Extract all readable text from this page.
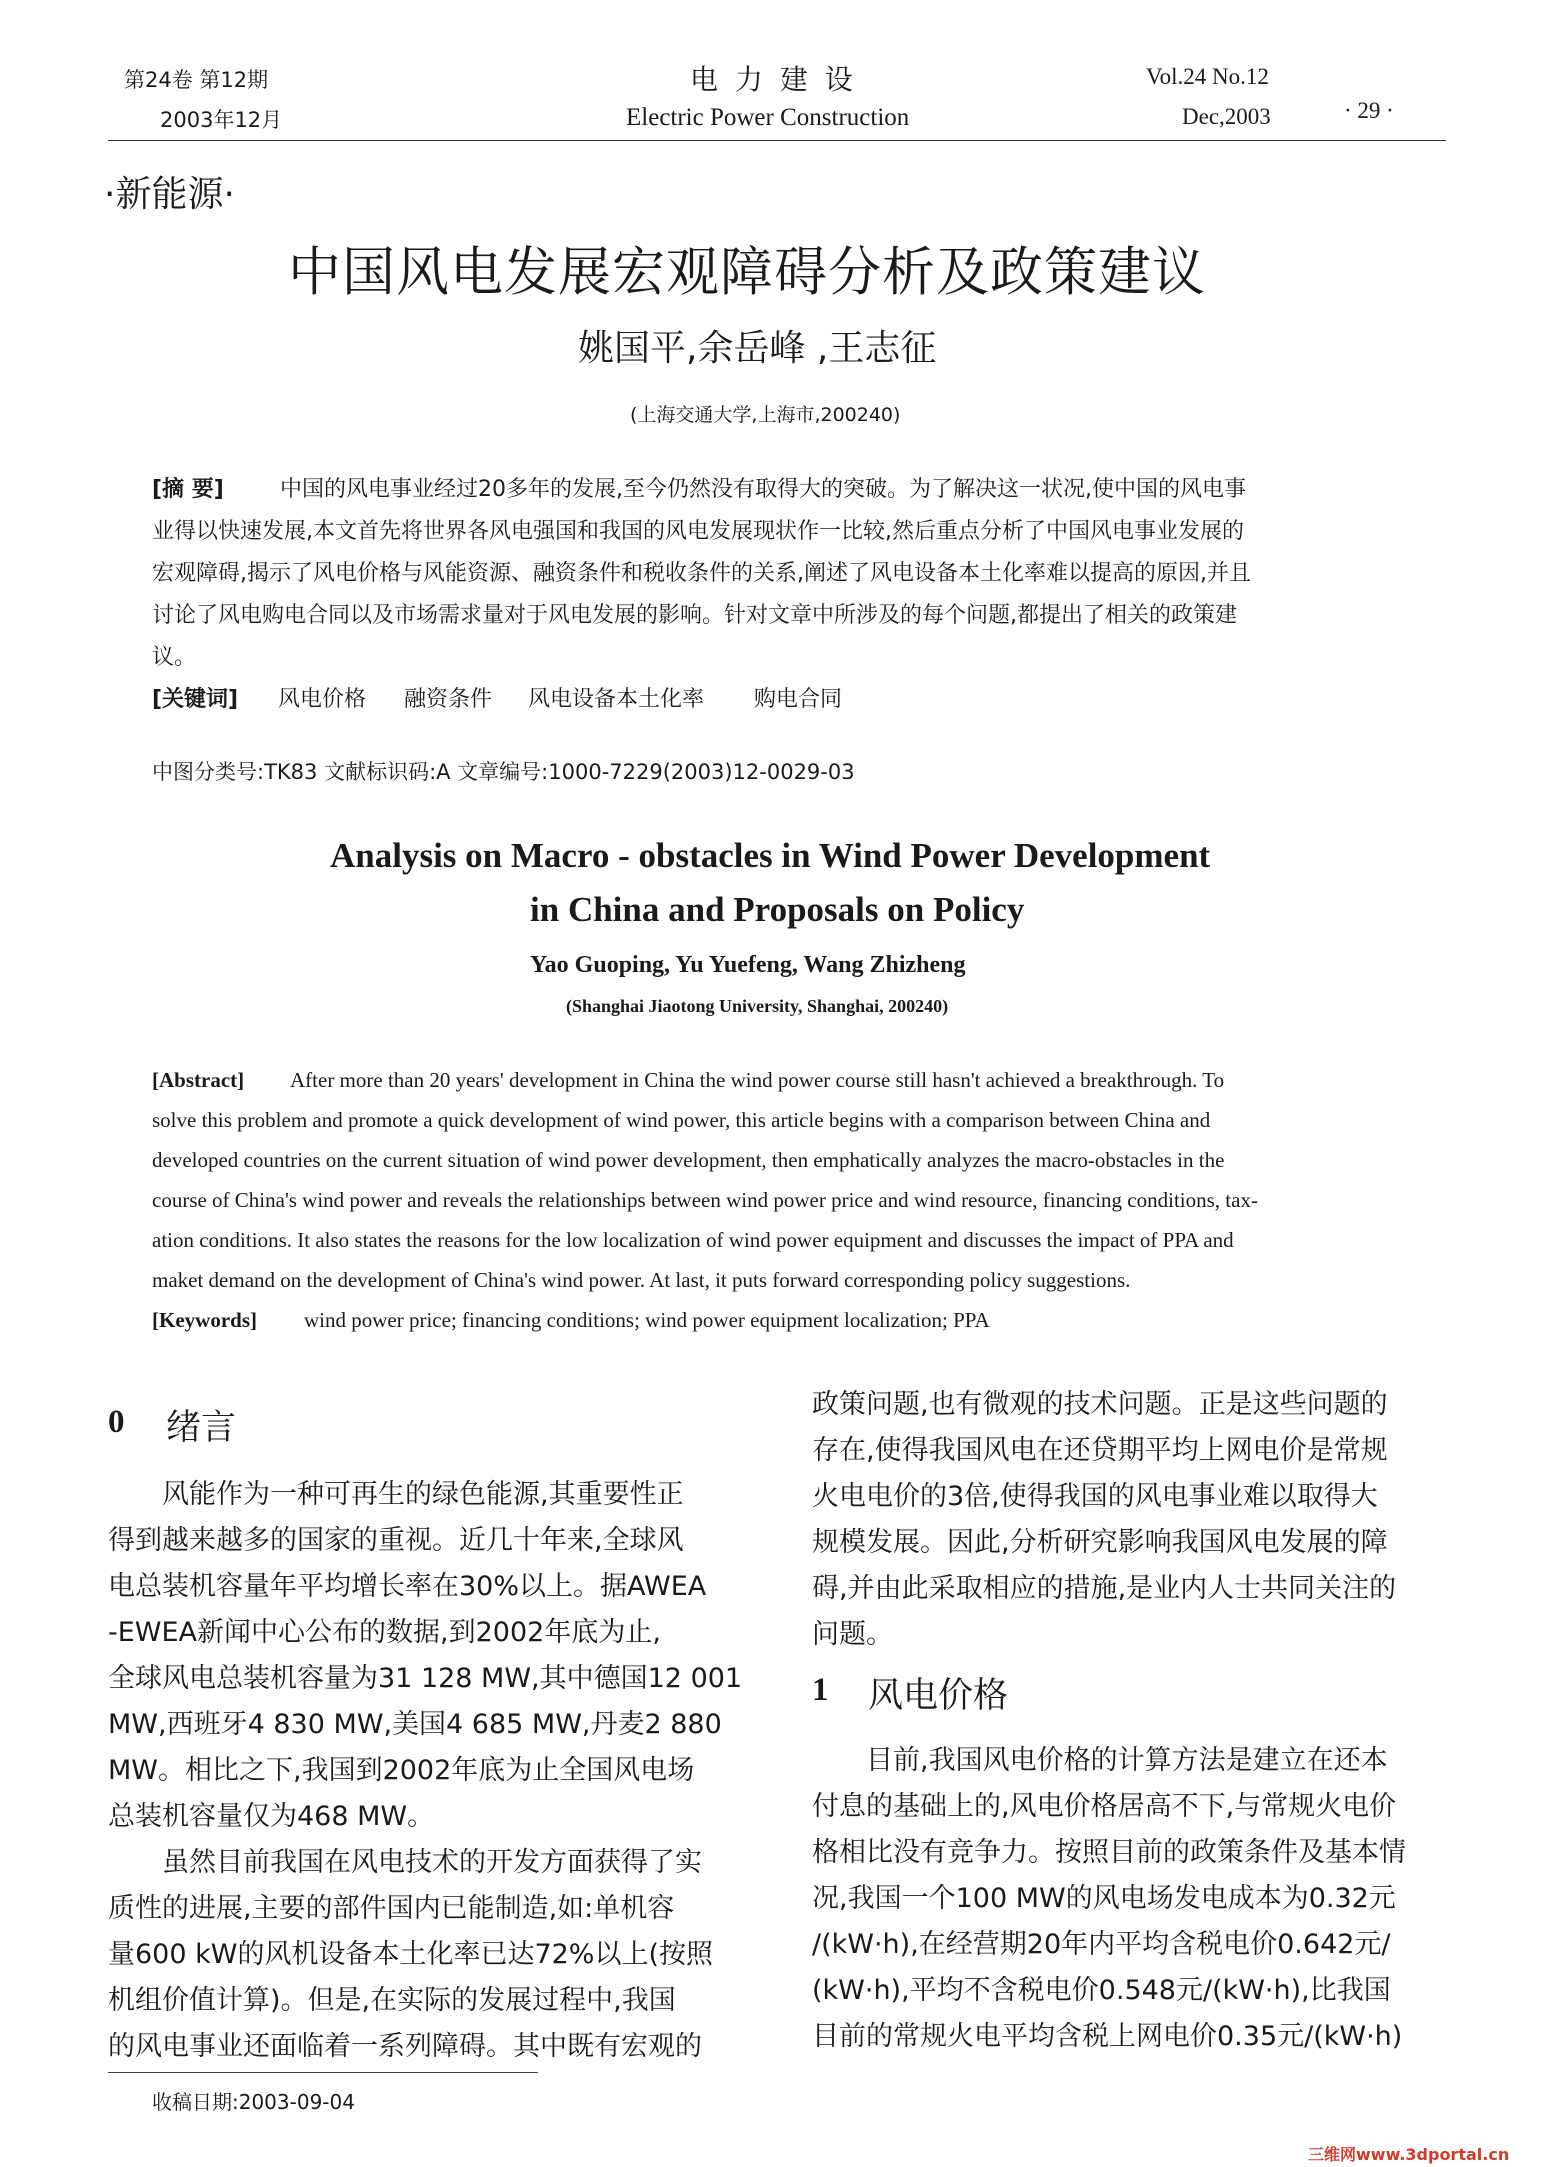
第24卷 第12期
2003年12月
电 力 建 设
Electric Power Construction
Vol.24 No.12
Dec,2003	· 29 ·
·新能源·
中国风电发展宏观障碍分析及政策建议
姚国平,余岳峰 ,王志征
(上海交通大学,上海市,200240)
[摘 要]	中国的风电事业经过20多年的发展,至今仍然没有取得大的突破。为了解决这一状况,使中国的风电事
业得以快速发展,本文首先将世界各风电强国和我国的风电发展现状作一比较,然后重点分析了中国风电事业发展的
宏观障碍,揭示了风电价格与风能资源、融资条件和税收条件的关系,阐述了风电设备本土化率难以提高的原因,并且
讨论了风电购电合同以及市场需求量对于风电发展的影响。针对文章中所涉及的每个问题,都提出了相关的政策建
议。
[关键词] 风电价格 融资条件 风电设备本土化率 购电合同
中图分类号:TK83 文献标识码:A 文章编号:1000-7229(2003)12-0029-03
Analysis on Macro - obstacles in Wind Power Development
in China and Proposals on Policy
Yao Guoping, Yu Yuefeng, Wang Zhizheng
(Shanghai Jiaotong University, Shanghai, 200240)
[Abstract] After more than 20 years' development in China the wind power course still hasn't achieved a breakthrough. To
solve this problem and promote a quick development of wind power, this article begins with a comparison between China and
developed countries on the current situation of wind power development, then emphatically analyzes the macro-obstacles in the
course of China's wind power and reveals the relationships between wind power price and wind resource, financing conditions, tax-
ation conditions. It also states the reasons for the low localization of wind power equipment and discusses the impact of PPA and
maket demand on the development of China's wind power. At last, it puts forward corresponding policy suggestions.
[Keywords] wind power price; financing conditions; wind power equipment localization; PPA
0 绪言
风能作为一种可再生的绿色能源,其重要性正
得到越来越多的国家的重视。近几十年来,全球风
电总装机容量年平均增长率在30%以上。据AWEA
-EWEA新闻中心公布的数据,到2002年底为止,
全球风电总装机容量为31 128 MW,其中德国12 001
MW,西班牙4 830 MW,美国4 685 MW,丹麦2 880
MW。相比之下,我国到2002年底为止全国风电场
总装机容量仅为468 MW。
虽然目前我国在风电技术的开发方面获得了实
质性的进展,主要的部件国内已能制造,如:单机容
量600 kW的风机设备本土化率已达72%以上(按照
机组价值计算)。但是,在实际的发展过程中,我国
的风电事业还面临着一系列障碍。其中既有宏观的
收稿日期:2003-09-04
政策问题,也有微观的技术问题。正是这些问题的
存在,使得我国风电在还贷期平均上网电价是常规
火电电价的3倍,使得我国的风电事业难以取得大
规模发展。因此,分析研究影响我国风电发展的障
碍,并由此采取相应的措施,是业内人士共同关注的
问题。
1 风电价格
目前,我国风电价格的计算方法是建立在还本
付息的基础上的,风电价格居高不下,与常规火电价
格相比没有竞争力。按照目前的政策条件及基本情
况,我国一个100 MW的风电场发电成本为0.32元
/(kW·h),在经营期20年内平均含税电价0.642元/
(kW·h),平均不含税电价0.548元/(kW·h),比我国
目前的常规火电平均含税上网电价0.35元/(kW·h)
三维网www.3dportal.cn
